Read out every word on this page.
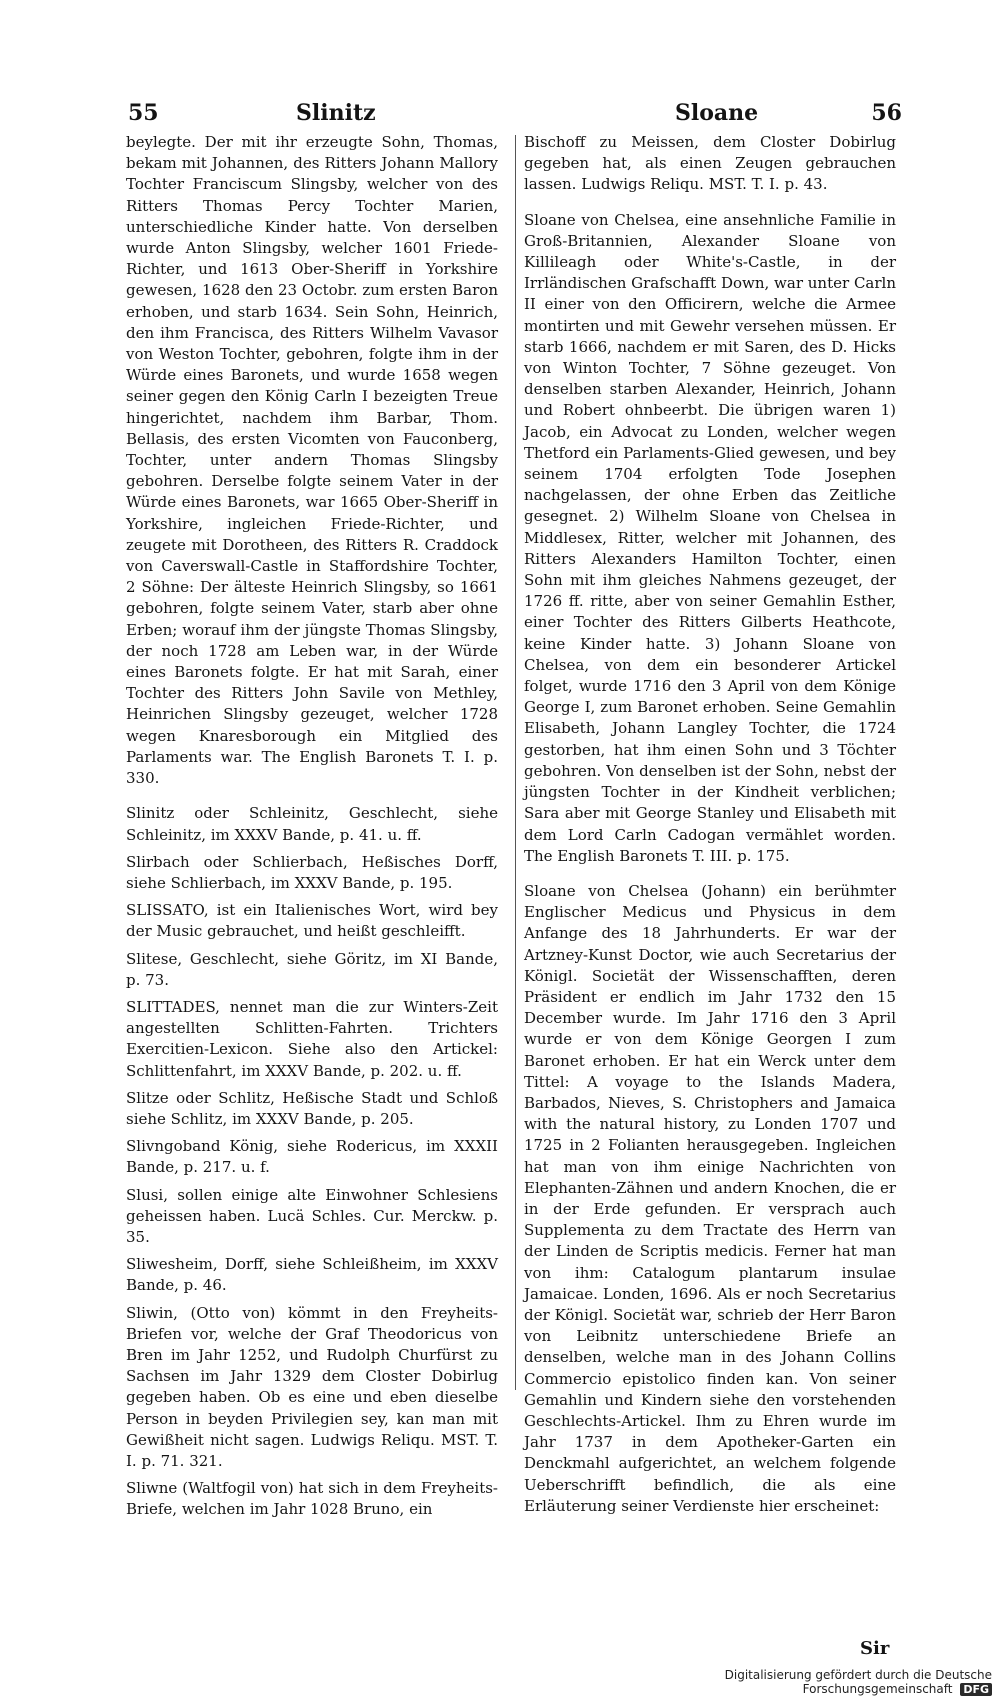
55	Slinitz	Sloane	56

beylegte. Der mit ihr erzeugte Sohn, Thomas, bekam mit Johannen, des Ritters Johann Mallory Tochter Franciscum Slingsby, welcher von des Ritters Thomas Percy Tochter Marien, unterschiedliche Kinder hatte. Von derselben wurde Anton Slingsby, welcher 1601 Friede-Richter, und 1613 Ober-Sheriff in Yorkshire gewesen, 1628 den 23 Octobr. zum ersten Baron erhoben, und starb 1634. Sein Sohn, Heinrich, den ihm Francisca, des Ritters Wilhelm Vavasor von Weston Tochter, gebohren, folgte ihm in der Würde eines Baronets, und wurde 1658 wegen seiner gegen den König Carln I bezeigten Treue hingerichtet, nachdem ihm Barbar, Thom. Bellasis, des ersten Vicomten von Fauconberg, Tochter, unter andern Thomas Slingsby gebohren. Derselbe folgte seinem Vater in der Würde eines Baronets, war 1665 Ober-Sheriff in Yorkshire, ingleichen Friede-Richter, und zeugete mit Dorotheen, des Ritters R. Craddock von Caverswall-Castle in Staffordshire Tochter, 2 Söhne: Der älteste Heinrich Slingsby, so 1661 gebohren, folgte seinem Vater, starb aber ohne Erben; worauf ihm der jüngste Thomas Slingsby, der noch 1728 am Leben war, in der Würde eines Baronets folgte. Er hat mit Sarah, einer Tochter des Ritters John Savile von Methley, Heinrichen Slingsby gezeuget, welcher 1728 wegen Knaresborough ein Mitglied des Parlaments war. The English Baronets T. I. p. 330.

Slinitz oder Schleinitz, Geschlecht, siehe Schleinitz, im XXXV Bande, p. 41. u. ff.

Slirbach oder Schlierbach, Heßisches Dorff, siehe Schlierbach, im XXXV Bande, p. 195.

SLISSATO, ist ein Italienisches Wort, wird bey der Music gebrauchet, und heißt geschleifft.

Slitese, Geschlecht, siehe Göritz, im XI Bande, p. 73.

SLITTADES, nennet man die zur Winters-Zeit angestellten Schlitten-Fahrten. Trichters Exercitien-Lexicon. Siehe also den Artickel: Schlittenfahrt, im XXXV Bande, p. 202. u. ff.

Slitze oder Schlitz, Heßische Stadt und Schloß siehe Schlitz, im XXXV Bande, p. 205.

Slivngoband König, siehe Rodericus, im XXXII Bande, p. 217. u. f.

Slusi, sollen einige alte Einwohner Schlesiens geheissen haben. Lucä Schles. Cur. Merckw. p. 35.

Sliwesheim, Dorff, siehe Schleißheim, im XXXV Bande, p. 46.

Sliwin, (Otto von) kömmt in den Freyheits-Briefen vor, welche der Graf Theodoricus von Bren im Jahr 1252, und Rudolph Churfürst zu Sachsen im Jahr 1329 dem Closter Dobirlug gegeben haben. Ob es eine und eben dieselbe Person in beyden Privilegien sey, kan man mit Gewißheit nicht sagen. Ludwigs Reliqu. MST. T. I. p. 71. 321.

Sliwne (Waltfogil von) hat sich in dem Freyheits-Briefe, welchen im Jahr 1028 Bruno, ein

Bischoff zu Meissen, dem Closter Dobirlug gegeben hat, als einen Zeugen gebrauchen lassen. Ludwigs Reliqu. MST. T. I. p. 43.

Sloane von Chelsea, eine ansehnliche Familie in Groß-Britannien, Alexander Sloane von Killileagh oder White's-Castle, in der Irrländischen Grafschafft Down, war unter Carln II einer von den Officirern, welche die Armee montirten und mit Gewehr versehen müssen. Er starb 1666, nachdem er mit Saren, des D. Hicks von Winton Tochter, 7 Söhne gezeuget. Von denselben starben Alexander, Heinrich, Johann und Robert ohnbeerbt. Die übrigen waren 1) Jacob, ein Advocat zu Londen, welcher wegen Thetford ein Parlaments-Glied gewesen, und bey seinem 1704 erfolgten Tode Josephen nachgelassen, der ohne Erben das Zeitliche gesegnet. 2) Wilhelm Sloane von Chelsea in Middlesex, Ritter, welcher mit Johannen, des Ritters Alexanders Hamilton Tochter, einen Sohn mit ihm gleiches Nahmens gezeuget, der 1726 ff. ritte, aber von seiner Gemahlin Esther, einer Tochter des Ritters Gilberts Heathcote, keine Kinder hatte. 3) Johann Sloane von Chelsea, von dem ein besonderer Artickel folget, wurde 1716 den 3 April von dem Könige George I, zum Baronet erhoben. Seine Gemahlin Elisabeth, Johann Langley Tochter, die 1724 gestorben, hat ihm einen Sohn und 3 Töchter gebohren. Von denselben ist der Sohn, nebst der jüngsten Tochter in der Kindheit verblichen; Sara aber mit George Stanley und Elisabeth mit dem Lord Carln Cadogan vermählet worden. The English Baronets T. III. p. 175.

Sloane von Chelsea (Johann) ein berühmter Englischer Medicus und Physicus in dem Anfange des 18 Jahrhunderts. Er war der Artzney-Kunst Doctor, wie auch Secretarius der Königl. Societät der Wissenschafften, deren Präsident er endlich im Jahr 1732 den 15 December wurde. Im Jahr 1716 den 3 April wurde er von dem Könige Georgen I zum Baronet erhoben. Er hat ein Werck unter dem Tittel: A voyage to the Islands Madera, Barbados, Nieves, S. Christophers and Jamaica with the natural history, zu Londen 1707 und 1725 in 2 Folianten herausgegeben. Ingleichen hat man von ihm einige Nachrichten von Elephanten-Zähnen und andern Knochen, die er in der Erde gefunden. Er versprach auch Supplementa zu dem Tractate des Herrn van der Linden de Scriptis medicis. Ferner hat man von ihm: Catalogum plantarum insulae Jamaicae. Londen, 1696. Als er noch Secretarius der Königl. Societät war, schrieb der Herr Baron von Leibnitz unterschiedene Briefe an denselben, welche man in des Johann Collins Commercio epistolico finden kan. Von seiner Gemahlin und Kindern siehe den vorstehenden Geschlechts-Artickel. Ihm zu Ehren wurde im Jahr 1737 in dem Apotheker-Garten ein Denckmahl aufgerichtet, an welchem folgende Ueberschrifft befindlich, die als eine Erläuterung seiner Verdienste hier erscheinet:

Sir
Digitalisierung gefördert durch die Deutsche Forschungsgemeinschaft DFG
